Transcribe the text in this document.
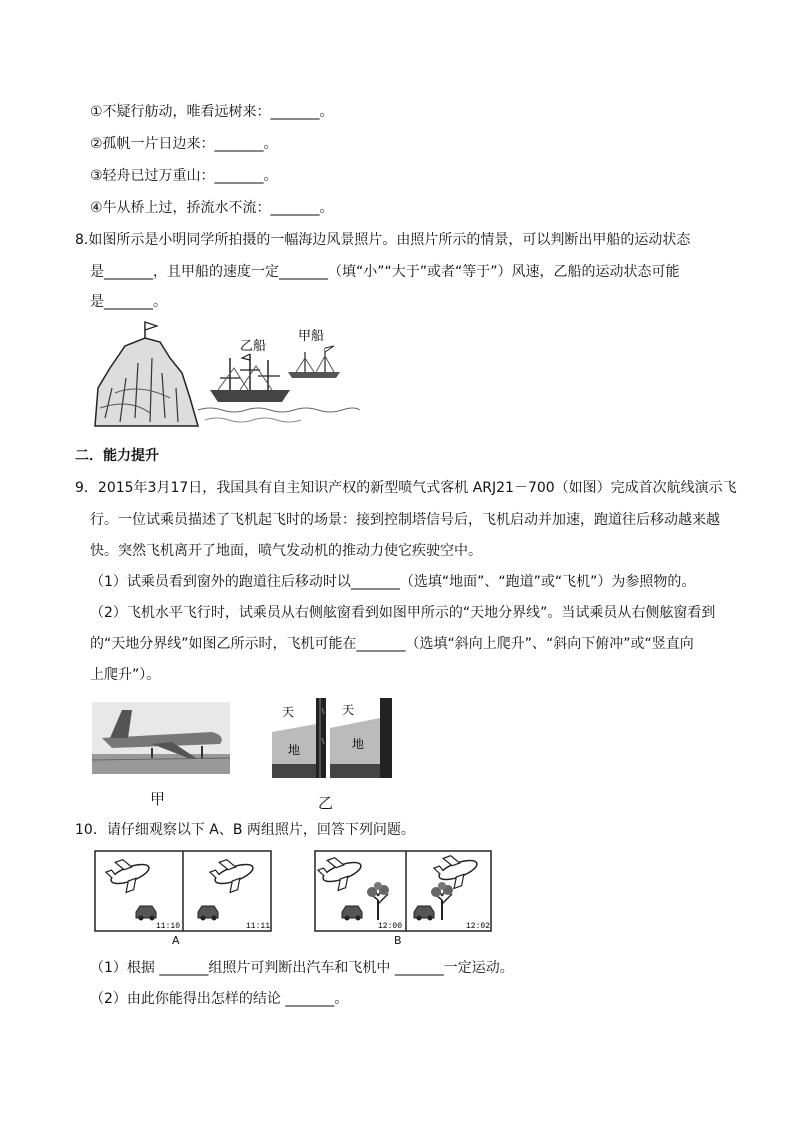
①不疑行舫动，唯看远树来：_______。
②孤帆一片日边来：_______。
③轻舟已过万重山：_______。
④牛从桥上过，挢流水不流：_______。
8.如图所示是小明同学所拍摄的一幅海边风景照片。由照片所示的情景，可以判断出甲船的运动状态
是_______，且甲船的速度一定_______（填“小”“大于”或者“等于”）风速，乙船的运动状态可能
是_______。
乙船
甲船
二．能力提升
9．2015年3月17日，我国具有自主知识产权的新型喷气式客机 ARJ21－700（如图）完成首次航线演示飞
行。一位试乘员描述了飞机起飞时的场景：接到控制塔信号后，飞机启动并加速，跑道往后移动越来越
快。突然飞机离开了地面，喷气发动机的推动力使它疾驶空中。
（1）试乘员看到窗外的跑道往后移动时以_______（选填“地面”、“跑道”或“飞机”）为参照物的。
（2）飞机水平飞行时，试乘员从右侧舷窗看到如图甲所示的“天地分界线”。当试乘员从右侧舷窗看到
的“天地分界线”如图乙所示时，飞机可能在_______（选填“斜向上爬升”、“斜向下俯冲”或“竖直向
上爬升”）。
甲
天
地
天
地
乙
10．请仔细观察以下 A、B 两组照片，回答下列问题。
11:10	11:11
A
12:00	12:02
B
（1）根据 _______组照片可判断出汽车和飞机中 _______一定运动。
（2）由此你能得出怎样的结论 _______。
